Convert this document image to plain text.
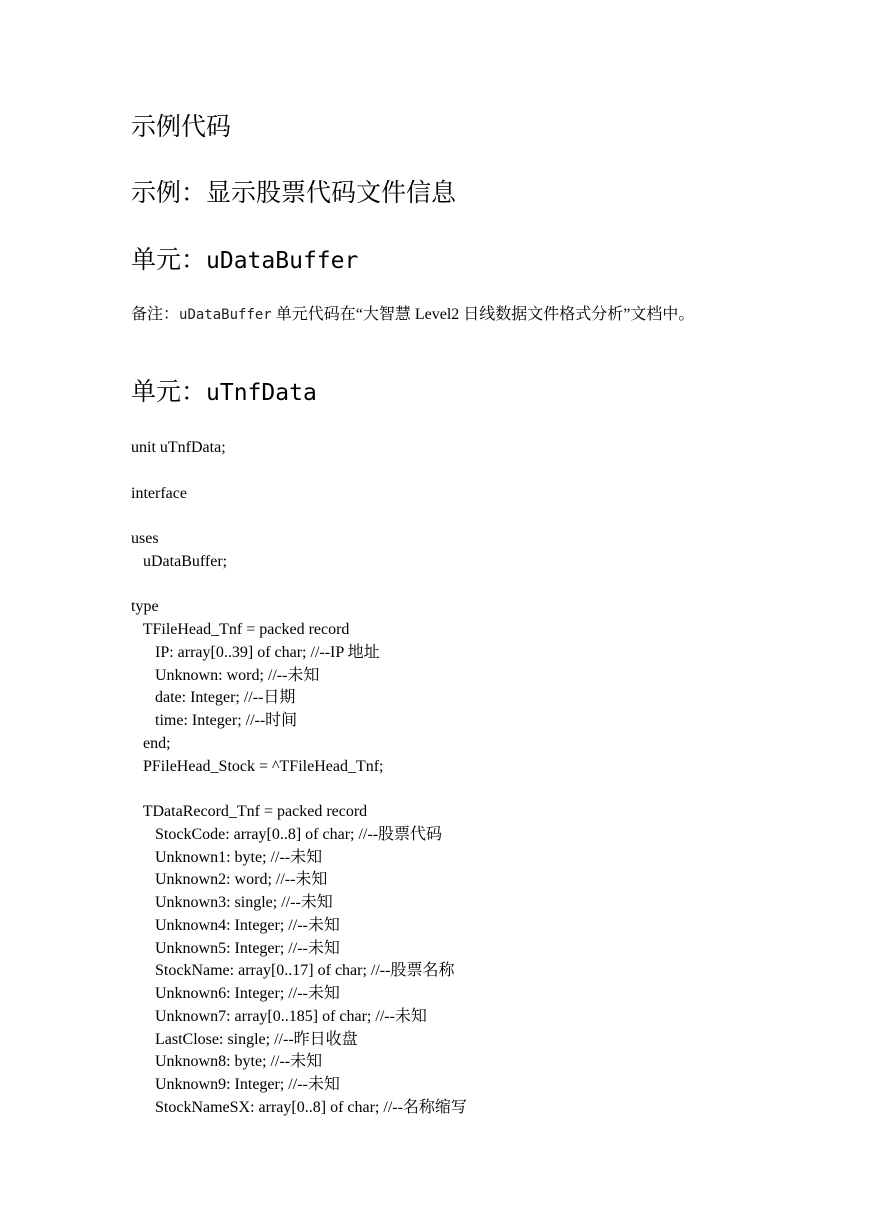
示例代码
示例：显示股票代码文件信息
单元：uDataBuffer

备注：uDataBuffer 单元代码在“大智慧 Level2 日线数据文件格式分析”文档中。

单元：uTnfData
unit uTnfData;
interface
uses
uDataBuffer;
type
TFileHead_Tnf = packed record
IP: array[0..39] of char; //--IP 地址
Unknown: word; //--未知
date: Integer; //--日期
time: Integer; //--时间
end;
PFileHead_Stock = ^TFileHead_Tnf;
TDataRecord_Tnf = packed record
StockCode: array[0..8] of char; //--股票代码
Unknown1: byte; //--未知
Unknown2: word; //--未知
Unknown3: single; //--未知
Unknown4: Integer; //--未知
Unknown5: Integer; //--未知
StockName: array[0..17] of char; //--股票名称
Unknown6: Integer; //--未知
Unknown7: array[0..185] of char; //--未知
LastClose: single; //--昨日收盘
Unknown8: byte; //--未知
Unknown9: Integer; //--未知
StockNameSX: array[0..8] of char; //--名称缩写
